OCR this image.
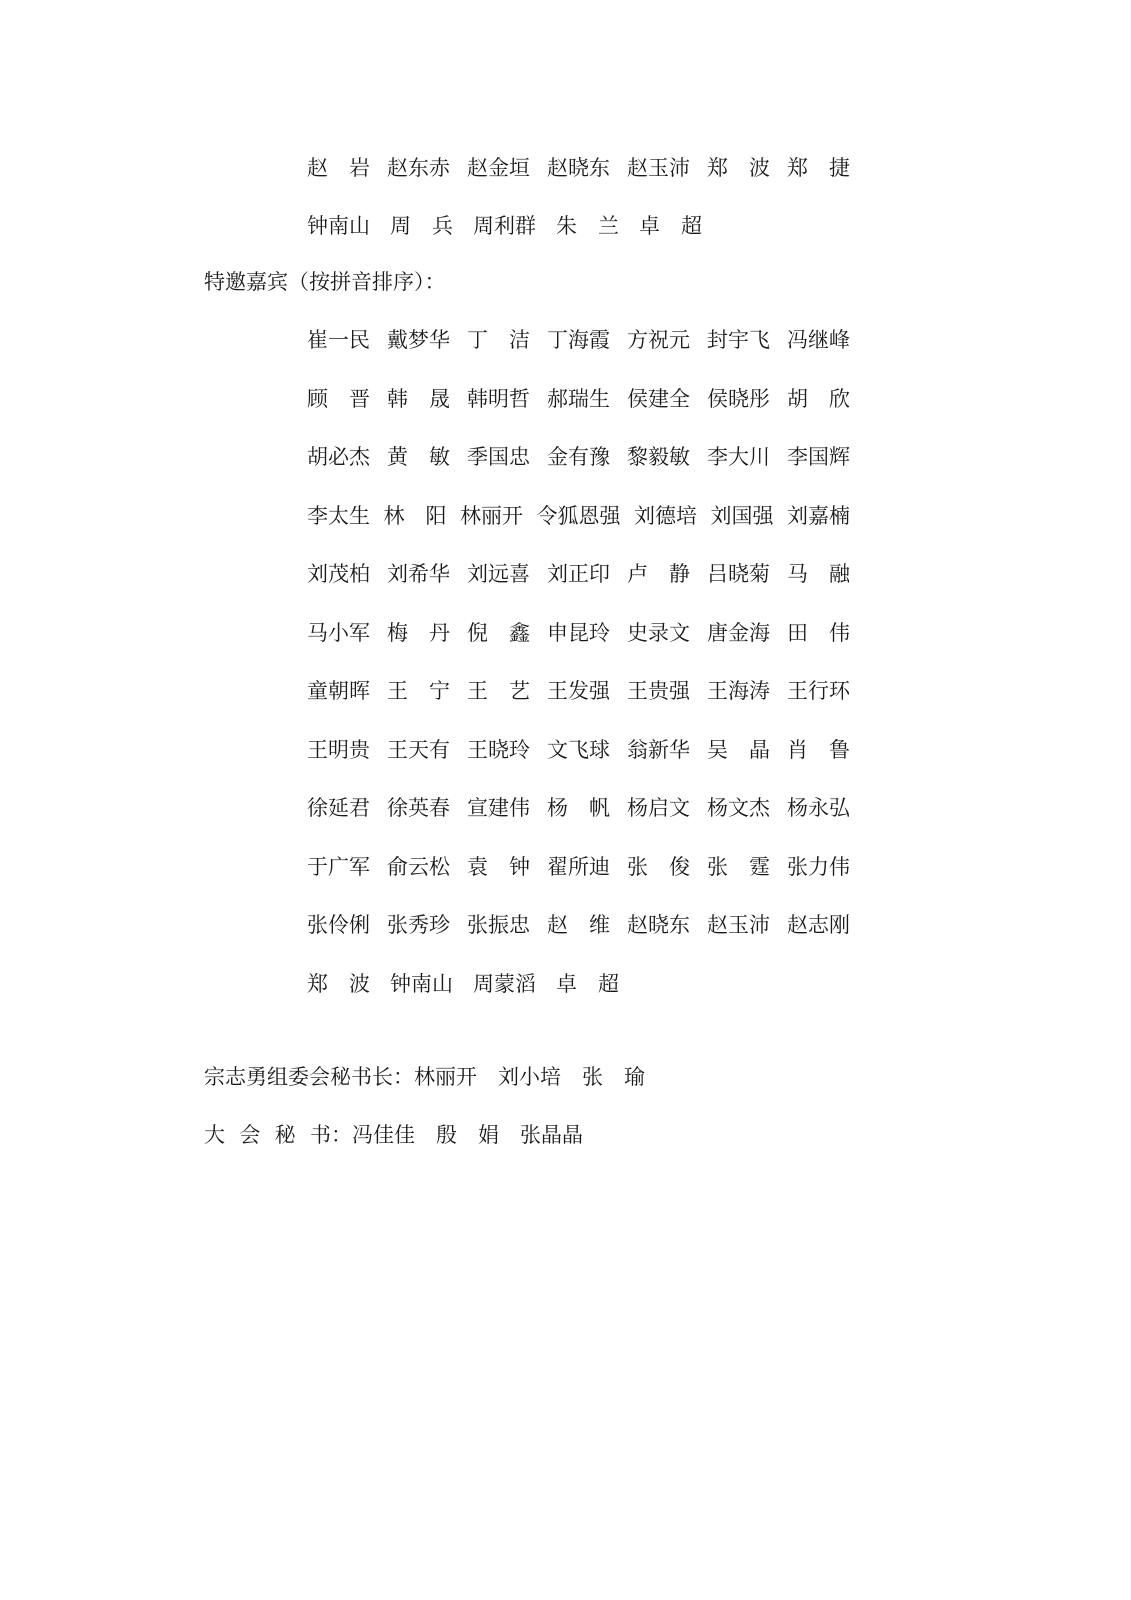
赵　岩 赵东赤 赵金垣 赵晓东 赵玉沛 郑　波 郑　捷
钟南山 周　兵 周利群 朱　兰 卓　超
特邀嘉宾（按拼音排序）：
崔一民 戴梦华 丁　洁 丁海霞 方祝元 封宇飞 冯继峰
顾　晋 韩　晟 韩明哲 郝瑞生 侯建全 侯晓彤 胡　欣
胡必杰 黄　敏 季国忠 金有豫 黎毅敏 李大川 李国辉
李太生 林　阳 林丽开 令狐恩强 刘德培 刘国强 刘嘉楠
刘茂柏 刘希华 刘远喜 刘正印 卢　静 吕晓菊 马　融
马小军 梅　丹 倪　鑫 申昆玲 史录文 唐金海 田　伟
童朝晖 王　宁 王　艺 王发强 王贵强 王海涛 王行环
王明贵 王天有 王晓玲 文飞球 翁新华 吴　晶 肖　鲁
徐延君 徐英春 宣建伟 杨　帆 杨启文 杨文杰 杨永弘
于广军 俞云松 袁　钟 翟所迪 张　俊 张　霆 张力伟
张伶俐 张秀珍 张振忠 赵　维 赵晓东 赵玉沛 赵志刚
郑　波 钟南山 周蒙滔 卓　超
宗志勇 组委会秘书长： 林丽开　刘小培　张　瑜
大 会 秘 书 ： 冯佳佳　殷　娟　张晶晶
